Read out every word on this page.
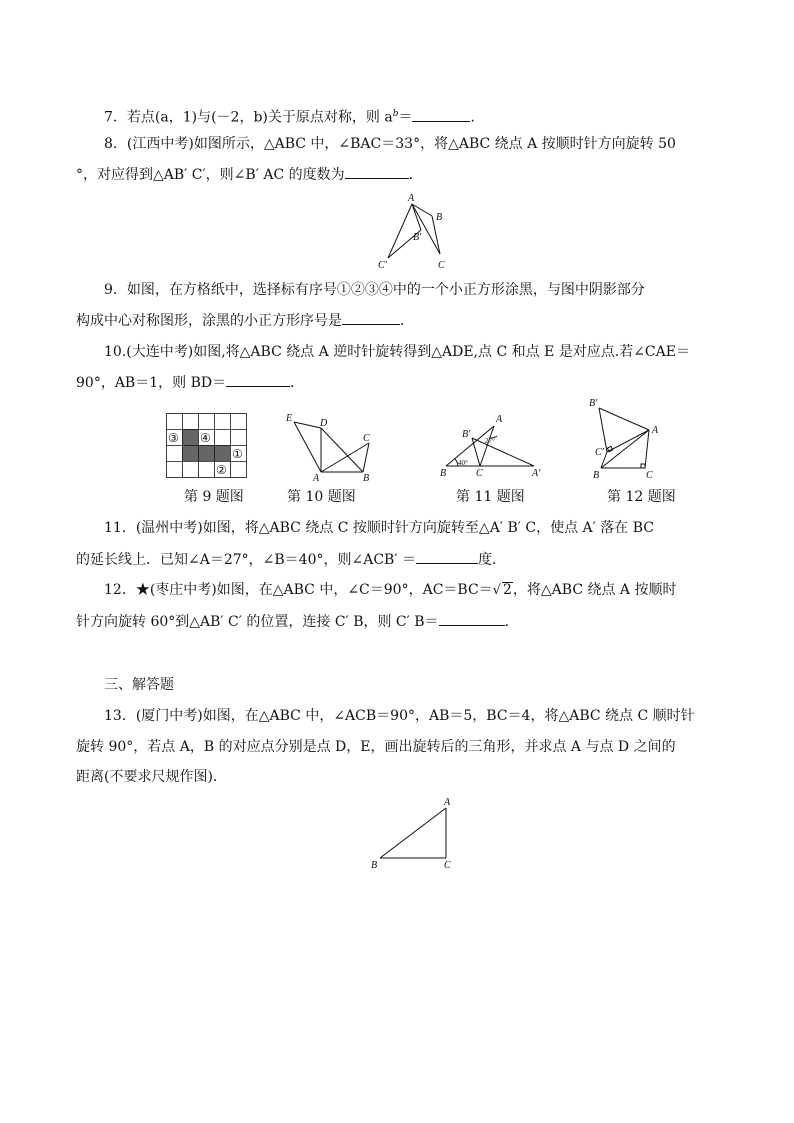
7．若点(a，1)与(－2，b)关于原点对称，则 $a^b=$	．
8．(江西中考)如图所示，△ABC 中，∠BAC＝33°，将△ABC 绕点 A 按顺时针方向旋转 50
°，对应得到△AB′ C′，则∠B′ AC 的度数为	．
A
B
B′
C
C′
9．如图，在方格纸中，选择标有序号①②③④中的一个小正方形涂黑，与图中阴影部分
构成中心对称图形，涂黑的小正方形序号是	．
10.(大连中考)如图,将△ABC 绕点 A 逆时针旋转得到△ADE,点 C 和点 E 是对应点.若∠CAE＝
90°，AB＝1，则 BD＝	．
③ ④
①
②
E	D
C
A	B
A
B′
27°
B
40°
C	A′
B′
A
C′
B	C
第 9 题图	第 10 题图	第 11 题图	第 12 题图
11．(温州中考)如图，将△ABC 绕点 C 按顺时针方向旋转至△A′ B′ C，使点 A′ 落在 BC
的延长线上．已知∠A＝27°，∠B＝40°，则∠ACB′ ＝	度．
12．★(枣庄中考)如图，在△ABC 中，∠C＝90°，AC＝BC＝√ 2，将△ABC 绕点 A 按顺时
针方向旋转 60°到△AB′ C′ 的位置，连接 C′ B，则 C′ B＝	．
三、解答题
13．(厦门中考)如图，在△ABC 中，∠ACB＝90°，AB＝5，BC＝4，将△ABC 绕点 C 顺时针
旋转 90°，若点 A，B 的对应点分别是点 D，E，画出旋转后的三角形，并求点 A 与点 D 之间的
距离(不要求尺规作图)．
A
B	C
